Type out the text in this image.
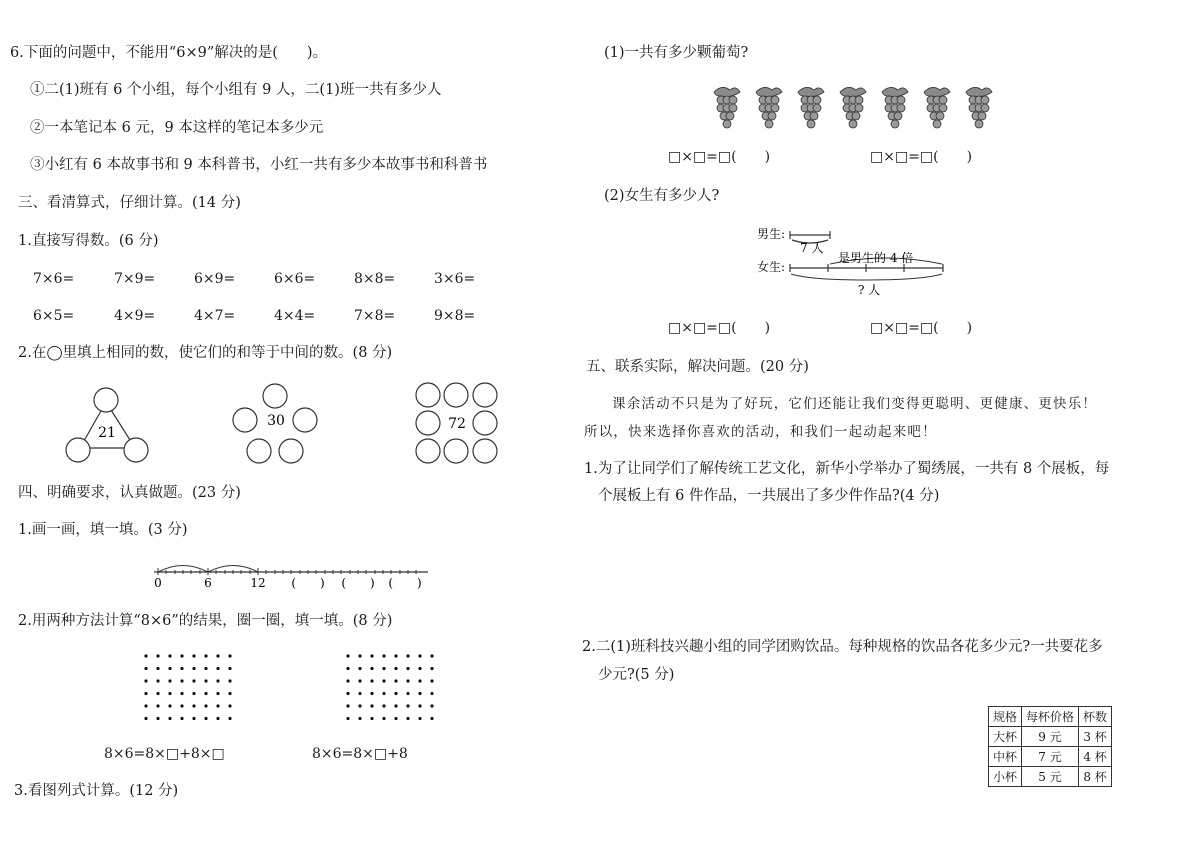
6.下面的问题中，不能用“6×9”解决的是(　　)。
①二(1)班有 6 个小组，每个小组有 9 人，二(1)班一共有多少人
②一本笔记本 6 元，9 本这样的笔记本多少元
③小红有 6 本故事书和 9 本科普书，小红一共有多少本故事书和科普书
三、看清算式，仔细计算。(14 分)
1.直接写得数。(6 分)
7×6=	7×9=	6×9=	6×6=	8×8=	3×6=
6×5=	4×9=	4×7=	4×4=	7×8=	9×8=
2.在◯里填上相同的数，使它们的和等于中间的数。(8 分)
21
30	72
四、明确要求，认真做题。(23 分)
1.画一画，填一填。(3 分)
0	6	12 (　　) (　　) (　　)
2.用两种方法计算“8×6”的结果，圈一圈，填一填。(8 分)
8×6=8×□+8×□	8×6=8×□+8
3.看图列式计算。(12 分)
(1)一共有多少颗葡萄?
□×□=□(　　)	□×□=□(　　)
(2)女生有多少人?
男生:
7 人
女生:
是男生的 4 倍
? 人
□×□=□(　　)	□×□=□(　　)
五、联系实际，解决问题。(20 分)
课余活动不只是为了好玩，它们还能让我们变得更聪明、更健康、更快乐！
所以，快来选择你喜欢的活动，和我们一起动起来吧！
1.为了让同学们了解传统工艺文化，新华小学举办了蜀绣展，一共有 8 个展板，每
个展板上有 6 件作品，一共展出了多少件作品?(4 分)
2.二(1)班科技兴趣小组的同学团购饮品。每种规格的饮品各花多少元?一共要花多
少元?(5 分)
规格	每杯价格	杯数
大杯	9 元	3 杯
中杯	7 元	4 杯
小杯	5 元	8 杯
